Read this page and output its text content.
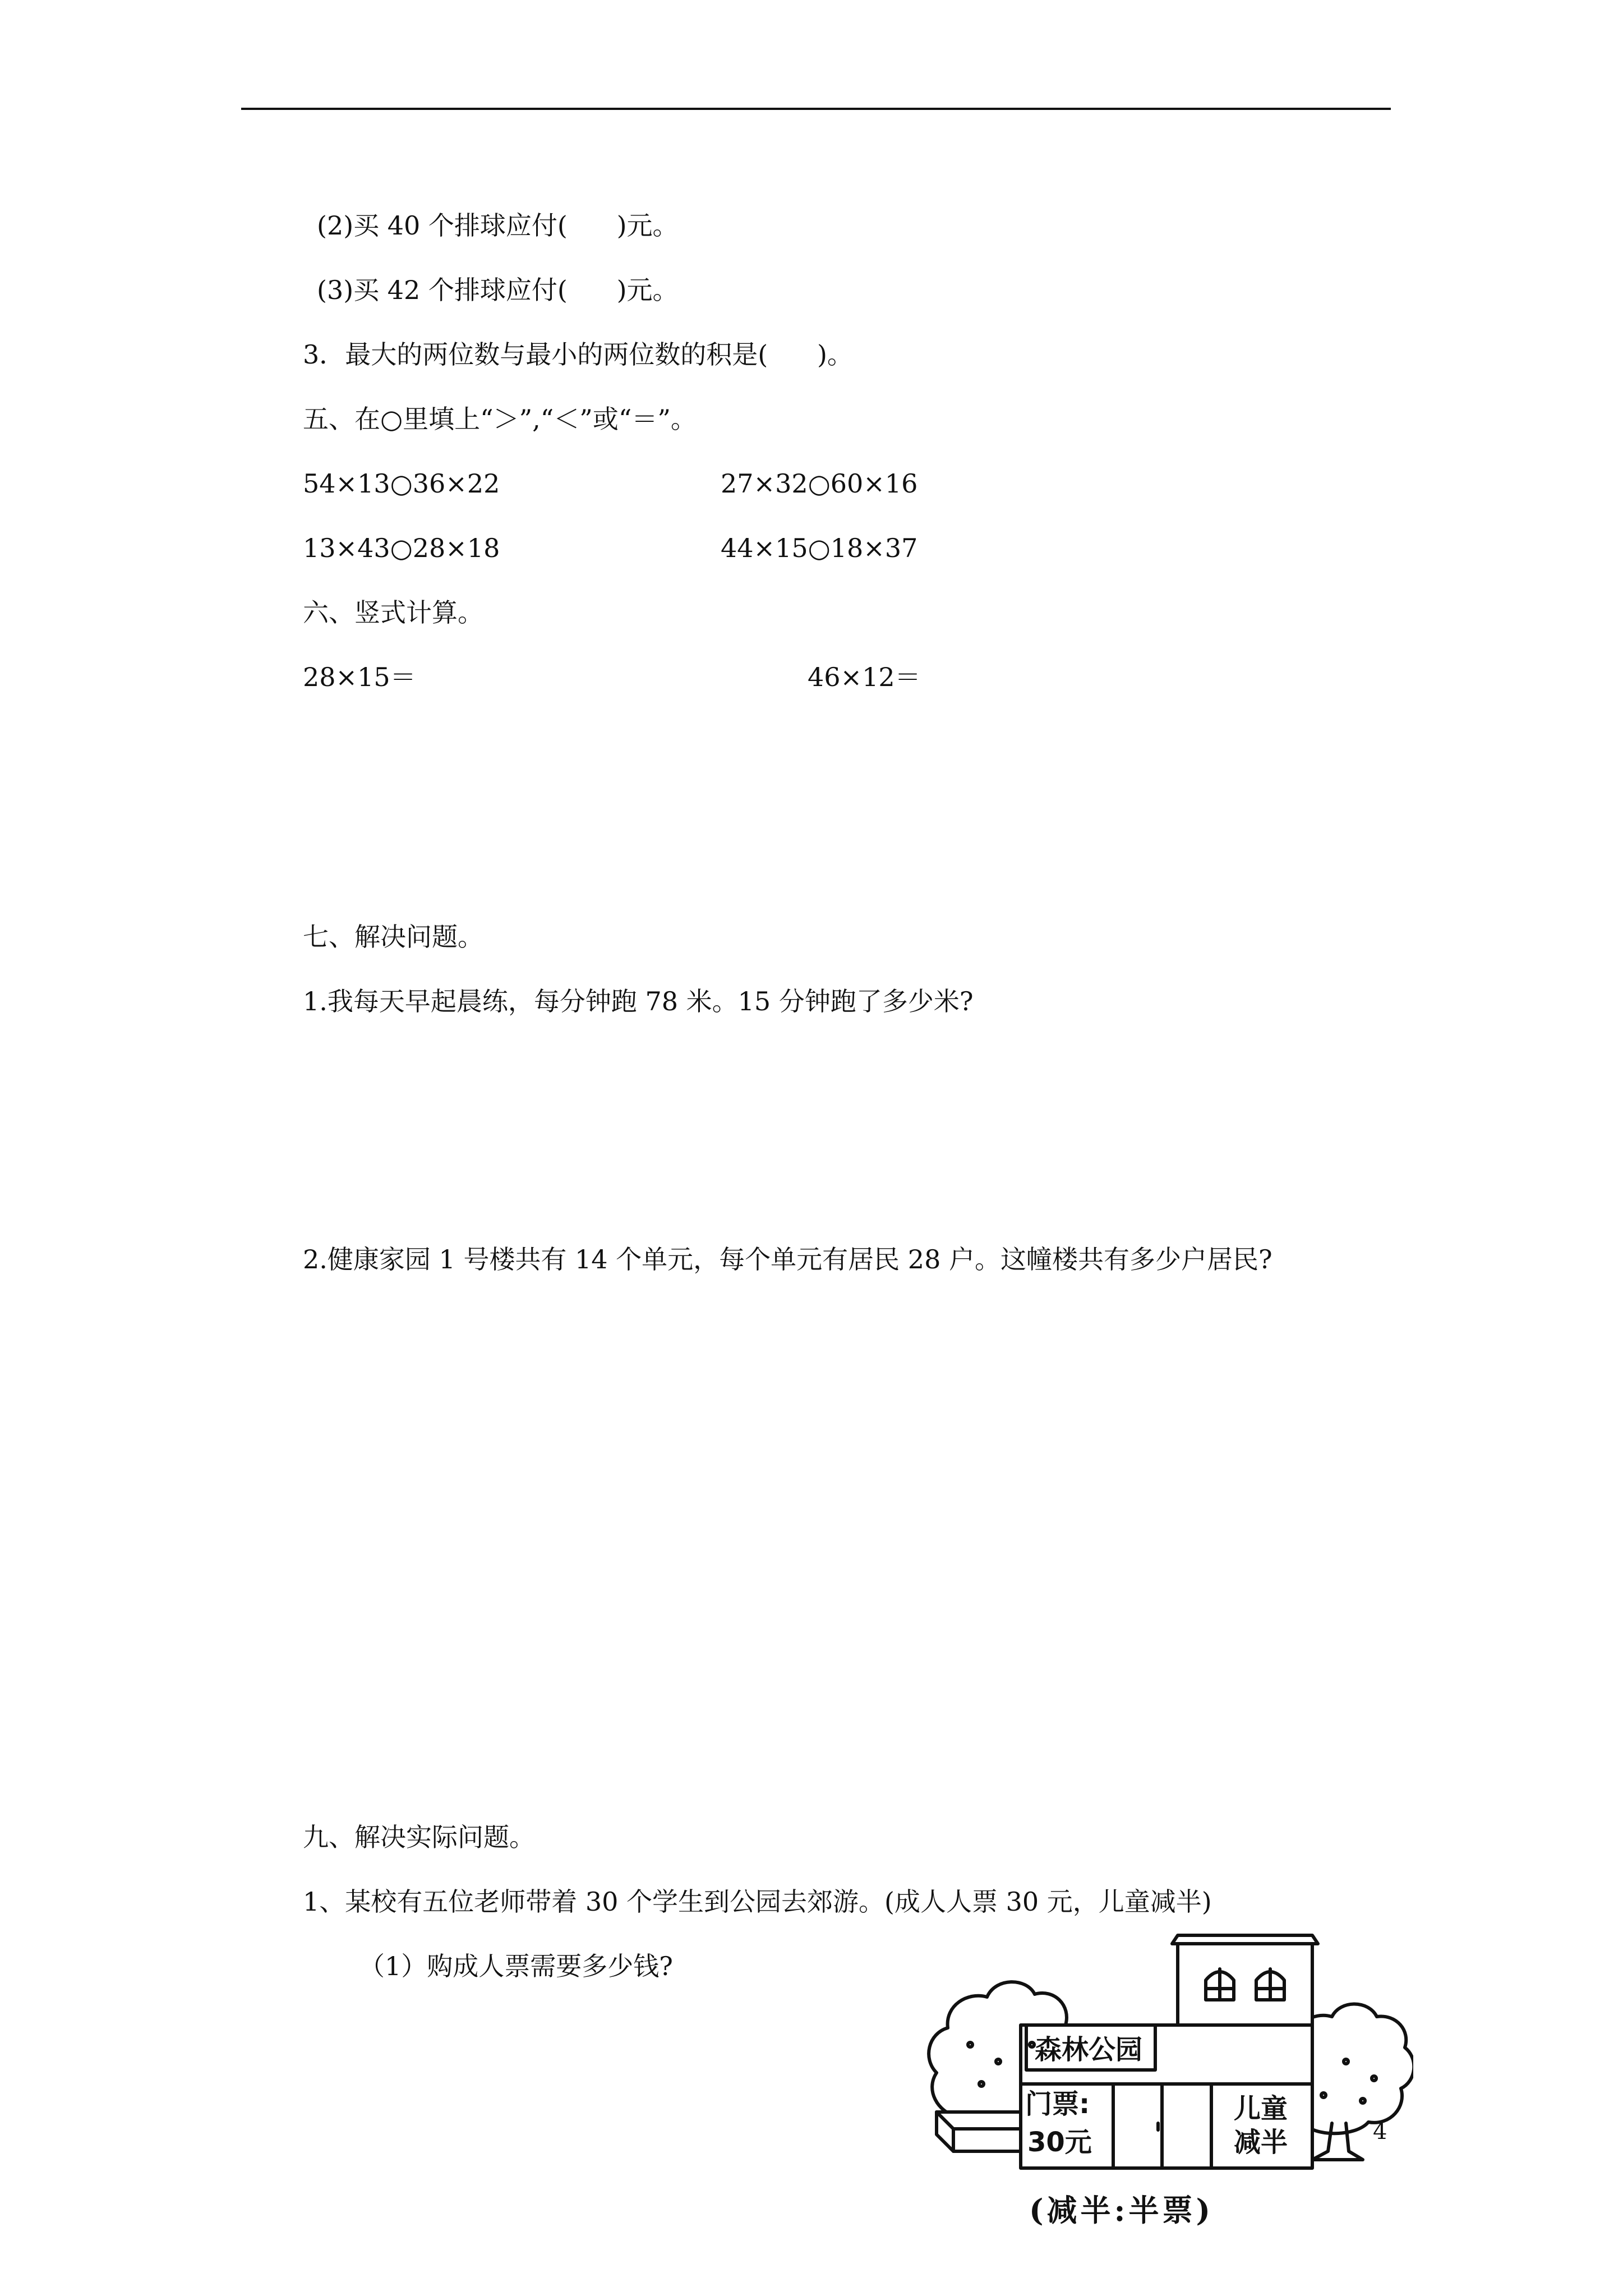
(2)买 40 个排球应付(      )元。
(3)买 42 个排球应付(      )元。
3．最大的两位数与最小的两位数的积是(      )。
五、在○里填上“＞”,“＜”或“＝”。
54×13○36×22	27×32○60×16
13×43○28×18	44×15○18×37
六、竖式计算。
28×15＝	46×12＝
七、解决问题。
1.我每天早起晨练，每分钟跑 78 米。15 分钟跑了多少米?
2.健康家园 1 号楼共有 14 个单元，每个单元有居民 28 户。这幢楼共有多少户居民?
九、解决实际问题。
1、某校有五位老师带着 30 个学生到公园去郊游。(成人人票 30 元，儿童减半)
（1）购成人票需要多少钱?
森林公园
门票:
30元
儿童
减半	4
(减半:半票)
